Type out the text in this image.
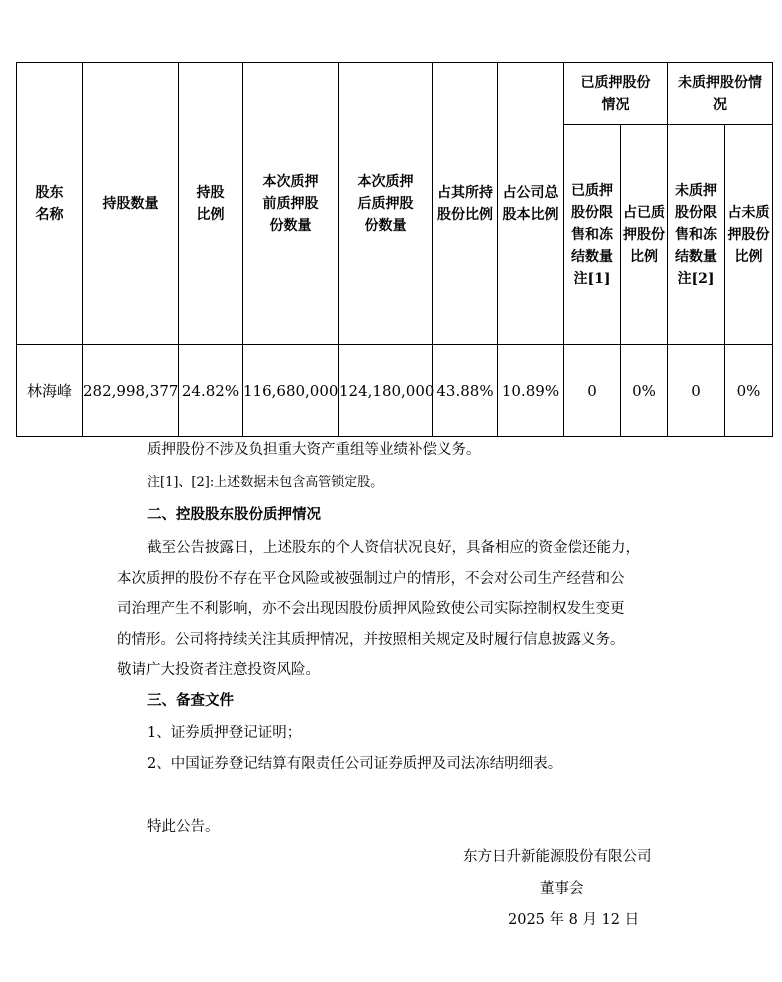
股东名称	持股数量	持股比例	本次质押前质押股份数量	本次质押后质押股份数量	占其所持股份比例	占公司总股本比例	已质押股份情况		未质押股份情况	
							已质押股份限售和冻结数量注[1]	占已质押股份比例	未质押股份限售和冻结数量注[2]	占未质押股份比例
林海峰	282,998,377	24.82%	116,680,000	124,180,000	43.88%	10.89%	0	0%	0	0%
质押股份不涉及负担重大资产重组等业绩补偿义务。
注[1]、[2]:上述数据未包含高管锁定股。
二、控股股东股份质押情况
截至公告披露日，上述股东的个人资信状况良好，具备相应的资金偿还能力，
本次质押的股份不存在平仓风险或被强制过户的情形，不会对公司生产经营和公
司治理产生不利影响，亦不会出现因股份质押风险致使公司实际控制权发生变更
的情形。公司将持续关注其质押情况，并按照相关规定及时履行信息披露义务。
敬请广大投资者注意投资风险。
三、备查文件
1、证券质押登记证明；
2、中国证券登记结算有限责任公司证券质押及司法冻结明细表。
特此公告。
东方日升新能源股份有限公司
董事会
2025 年 8 月 12 日
